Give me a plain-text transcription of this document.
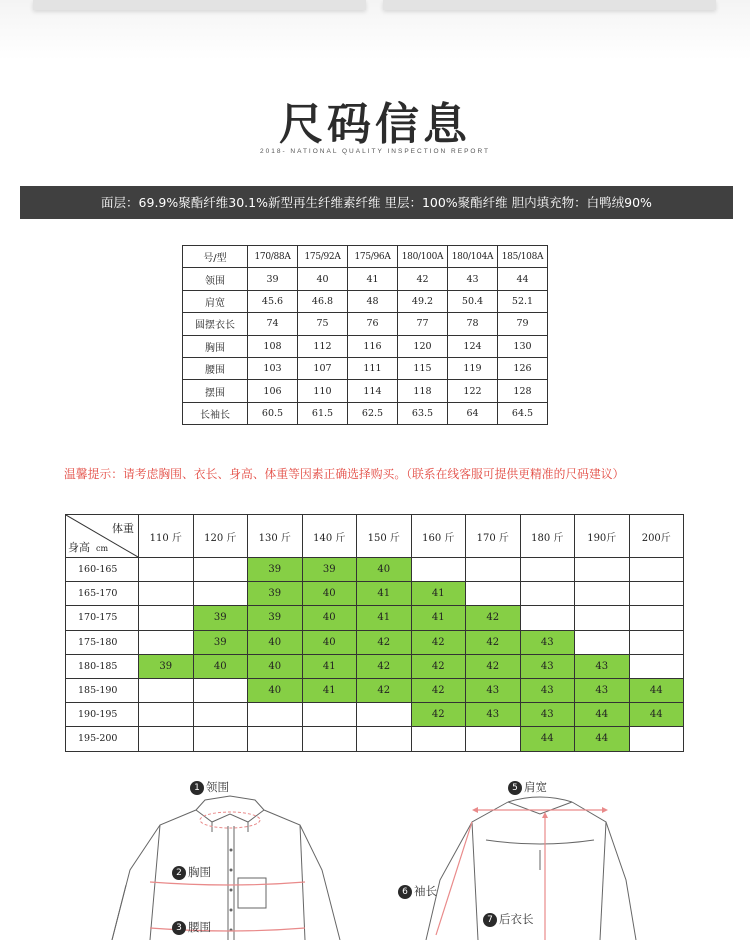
尺码信息
2018- NATIONAL QUALITY INSPECTION REPORT
面层：69.9%聚酯纤维30.1%新型再生纤维素纤维 里层：100%聚酯纤维 胆内填充物：白鸭绒90%
号/型	170/88A	175/92A	175/96A	180/100A	180/104A	185/108A
领围	39	40	41	42	43	44
肩宽	45.6	46.8	48	49.2	50.4	52.1
圆摆衣长	74	75	76	77	78	79
胸围	108	112	116	120	124	130
腰围	103	107	111	115	119	126
摆围	106	110	114	118	122	128
长袖长	60.5	61.5	62.5	63.5	64	64.5
温馨提示：请考虑胸围、衣长、身高、体重等因素正确选择购买。（联系在线客服可提供更精准的尺码建议）
体重
身高 cm	110 斤	120 斤	130 斤	140 斤	150 斤	160 斤	170 斤	180 斤	190斤	200斤
160-165			39	39	40					
165-170			39	40	41	41				
170-175		39	39	40	41	41	42			
175-180		39	40	40	42	42	42	43		
180-185	39	40	40	41	42	42	42	43	43	
185-190			40	41	42	42	43	43	43	44
190-195						42	43	43	44	44
195-200								44	44	
1 领围
2 胸围
3 腰围
5 肩宽
6 袖长
7 后衣长
